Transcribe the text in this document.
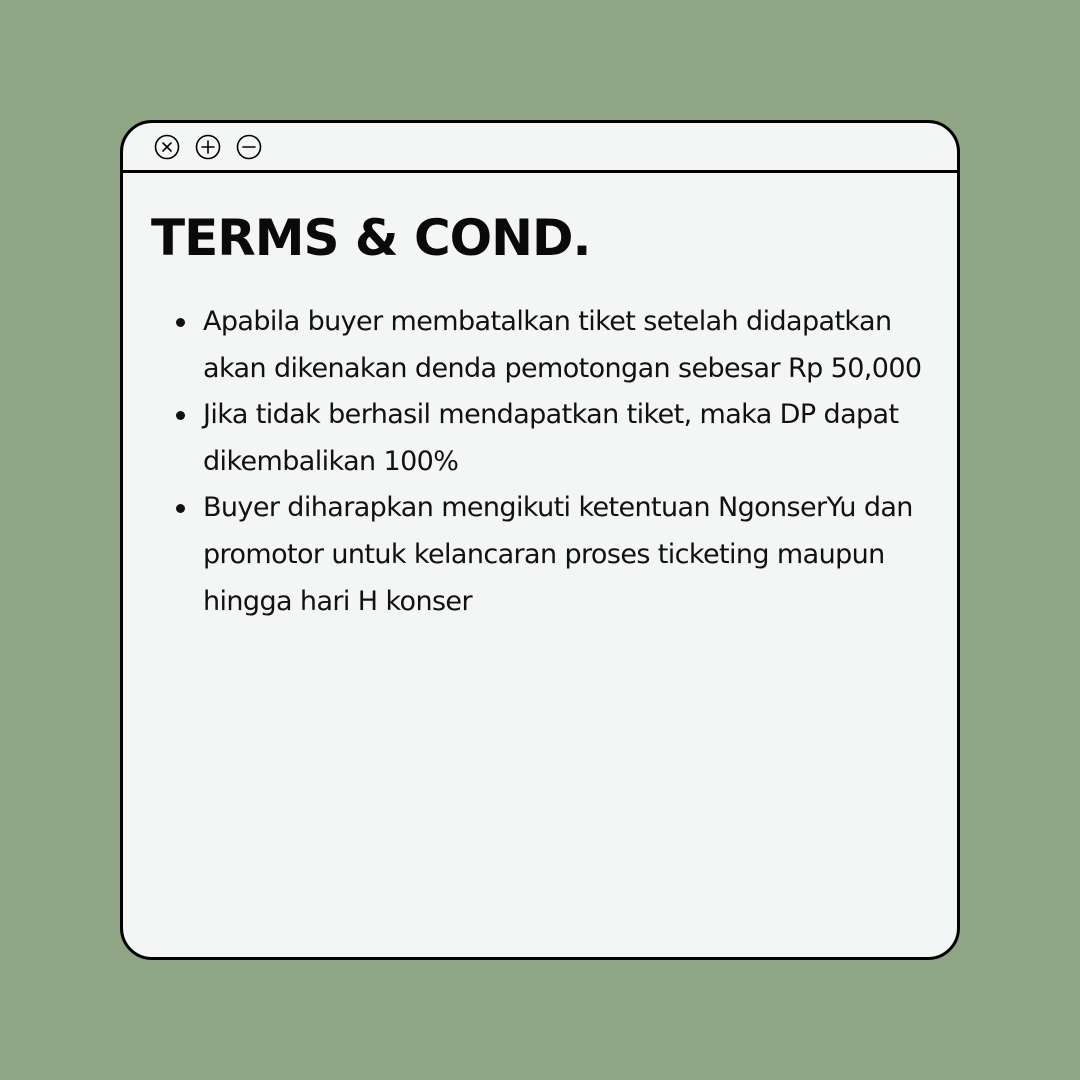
TERMS & COND.
Apabila buyer membatalkan tiket setelah didapatkan akan dikenakan denda pemotongan sebesar Rp 50,000
Jika tidak berhasil mendapatkan tiket, maka DP dapat dikembalikan 100%
Buyer diharapkan mengikuti ketentuan NgonserYu dan promotor untuk kelancaran proses ticketing maupun hingga hari H konser
